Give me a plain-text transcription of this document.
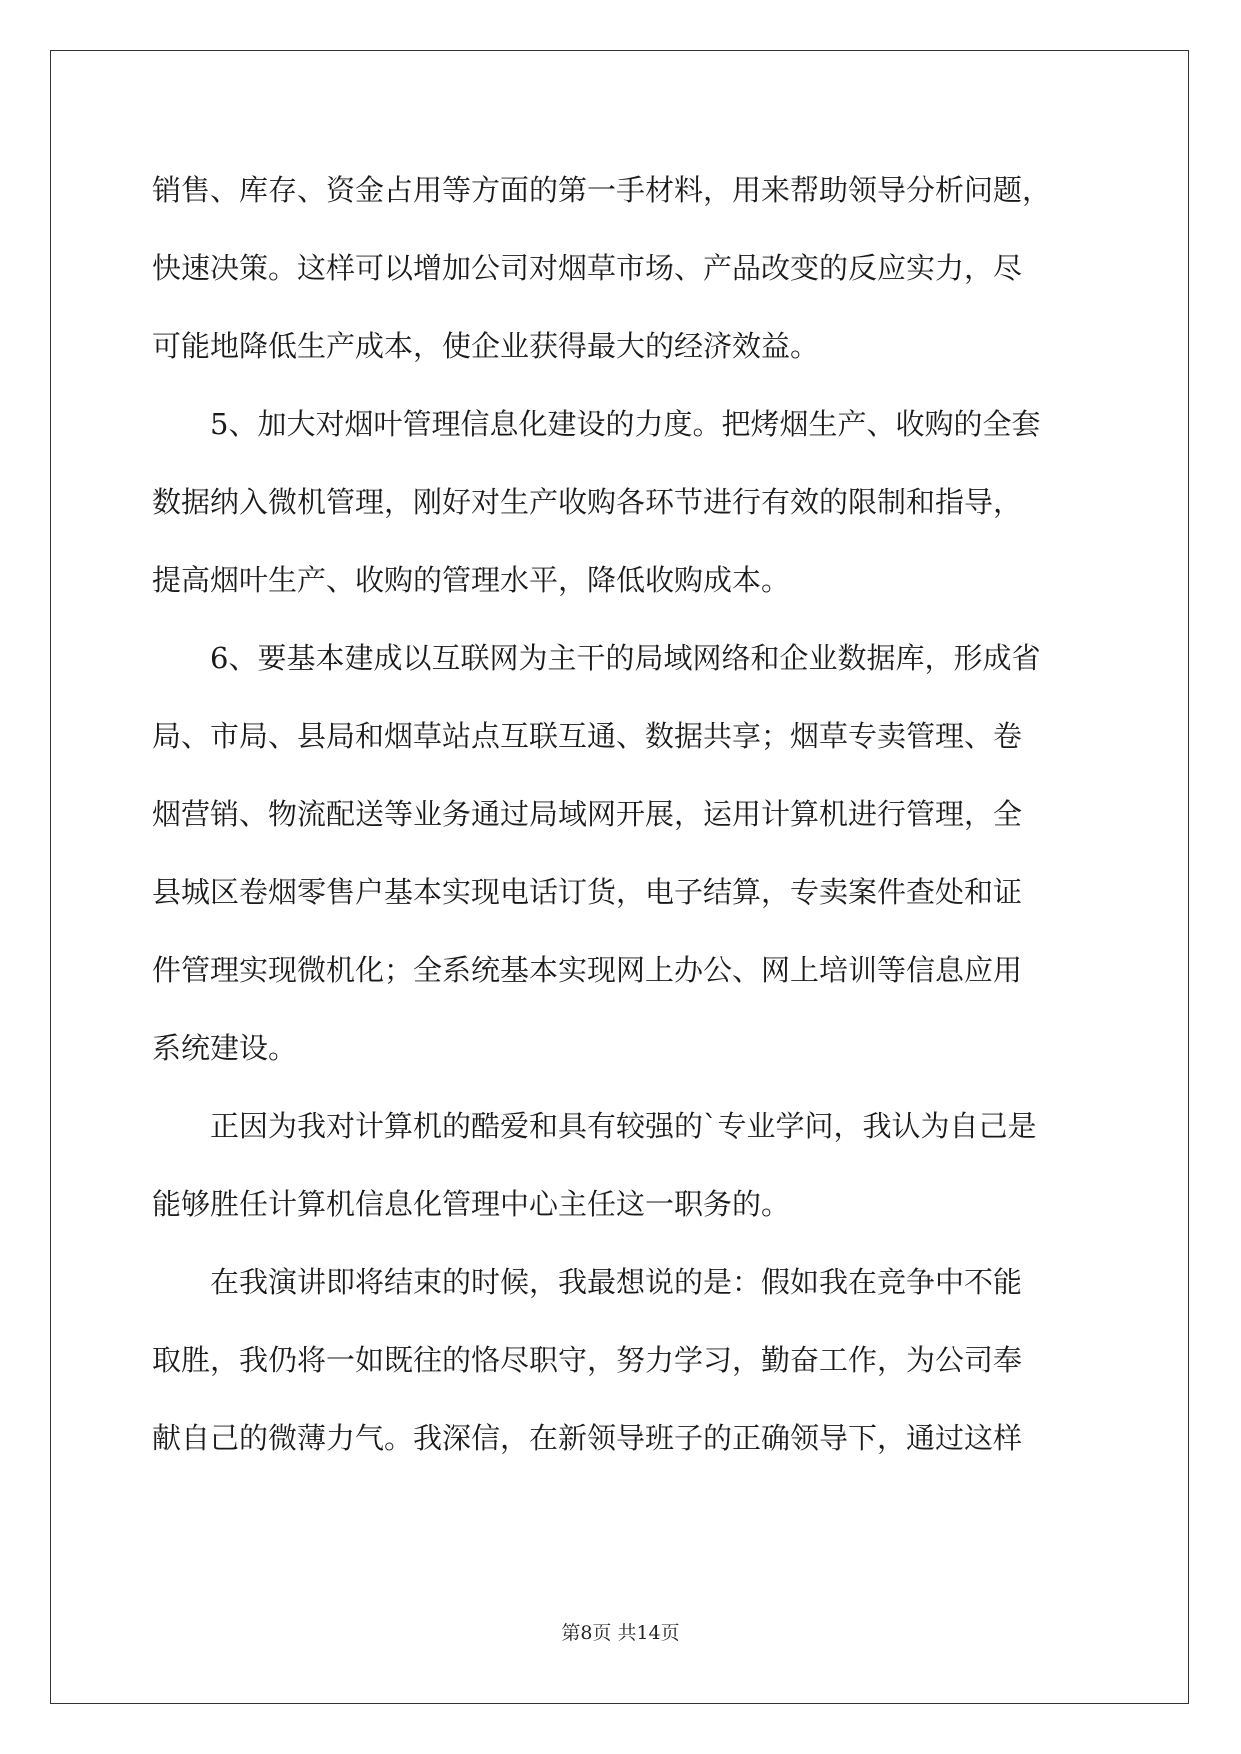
销售、库存、资金占用等方面的第一手材料，用来帮助领导分析问题，
快速决策。这样可以增加公司对烟草市场、产品改变的反应实力，尽
可能地降低生产成本，使企业获得最大的经济效益。
5、加大对烟叶管理信息化建设的力度。把烤烟生产、收购的全套
数据纳入微机管理，刚好对生产收购各环节进行有效的限制和指导，
提高烟叶生产、收购的管理水平，降低收购成本。
6、要基本建成以互联网为主干的局域网络和企业数据库，形成省
局、市局、县局和烟草站点互联互通、数据共享；烟草专卖管理、卷
烟营销、物流配送等业务通过局域网开展，运用计算机进行管理，全
县城区卷烟零售户基本实现电话订货，电子结算，专卖案件查处和证
件管理实现微机化；全系统基本实现网上办公、网上培训等信息应用
系统建设。
正因为我对计算机的酷爱和具有较强的`专业学问，我认为自己是
能够胜任计算机信息化管理中心主任这一职务的。
在我演讲即将结束的时候，我最想说的是：假如我在竞争中不能
取胜，我仍将一如既往的恪尽职守，努力学习，勤奋工作，为公司奉
献自己的微薄力气。我深信，在新领导班子的正确领导下，通过这样
第8页 共14页
